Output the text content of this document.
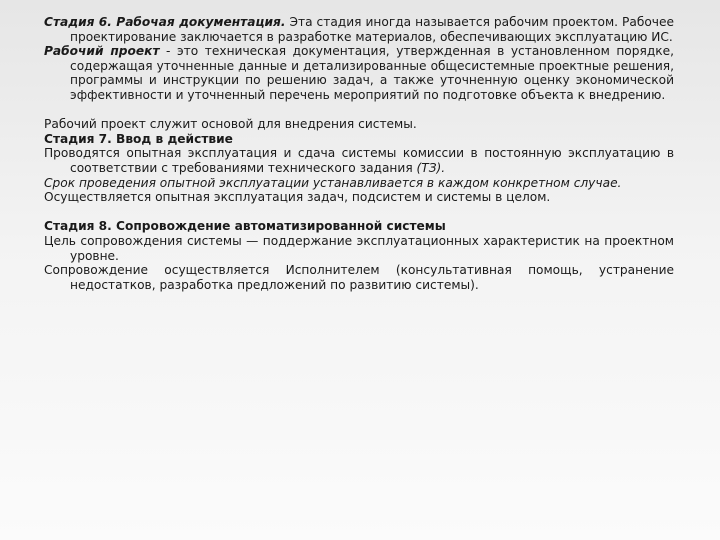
Стадия 6. Рабочая документация. Эта стадия иногда называется рабочим проектом. Рабочее проектирование заключается в разработке материалов, обеспечивающих эксплуатацию ИС.

Рабочий проект - это техническая документация, утвержденная в установленном порядке, содержащая уточненные данные и детализированные общесистемные проектные решения, программы и инструкции по решению задач, а также уточненную оценку экономической эффективности и уточненный перечень мероприятий по подготовке объекта к внедрению.

Рабочий проект служит основой для внедрения системы.

Стадия 7. Ввод в действие

Проводятся опытная эксплуатация и сдача системы комиссии в постоянную эксплуатацию в соответствии с требованиями технического задания (ТЗ).

Срок проведения опытной эксплуатации устанавливается в каждом конкретном случае.

Осуществляется опытная эксплуатация задач, подсистем и системы в целом.

Стадия 8. Сопровождение автоматизированной системы

Цель сопровождения системы — поддержание эксплуатационных характеристик на проектном уровне.

Сопровождение осуществляется Исполнителем (консультативная помощь, устранение недостатков, разработка предложений по развитию системы).
